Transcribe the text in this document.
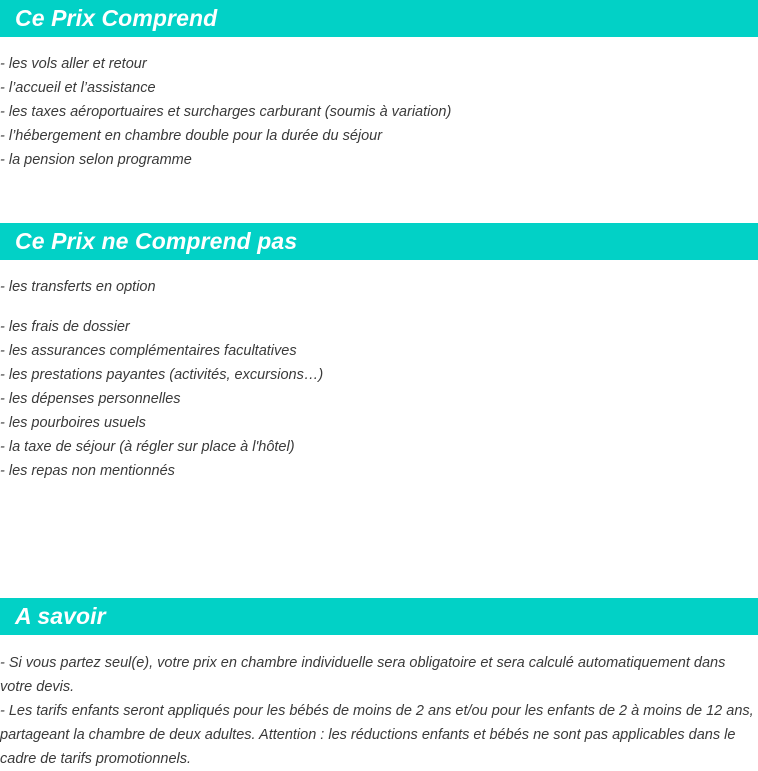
Ce Prix Comprend
- les vols aller et retour
- l’accueil et l’assistance
- les taxes aéroportuaires et surcharges carburant (soumis à variation)
- l’hébergement en chambre double pour la durée du séjour
- la pension selon programme
Ce Prix ne Comprend pas
- les transferts en option
- les frais de dossier
- les assurances complémentaires facultatives
- les prestations payantes (activités, excursions…)
- les dépenses personnelles
- les pourboires usuels
- la taxe de séjour (à régler sur place à l'hôtel)
- les repas non mentionnés
A savoir

- Si vous partez seul(e), votre prix en chambre individuelle sera obligatoire et sera calculé automatiquement dans votre devis.

- Les tarifs enfants seront appliqués pour les bébés de moins de 2 ans et/ou pour les enfants de 2 à moins de 12 ans, partageant la chambre de deux adultes. Attention : les réductions enfants et bébés ne sont pas applicables dans le cadre de tarifs promotionnels.
